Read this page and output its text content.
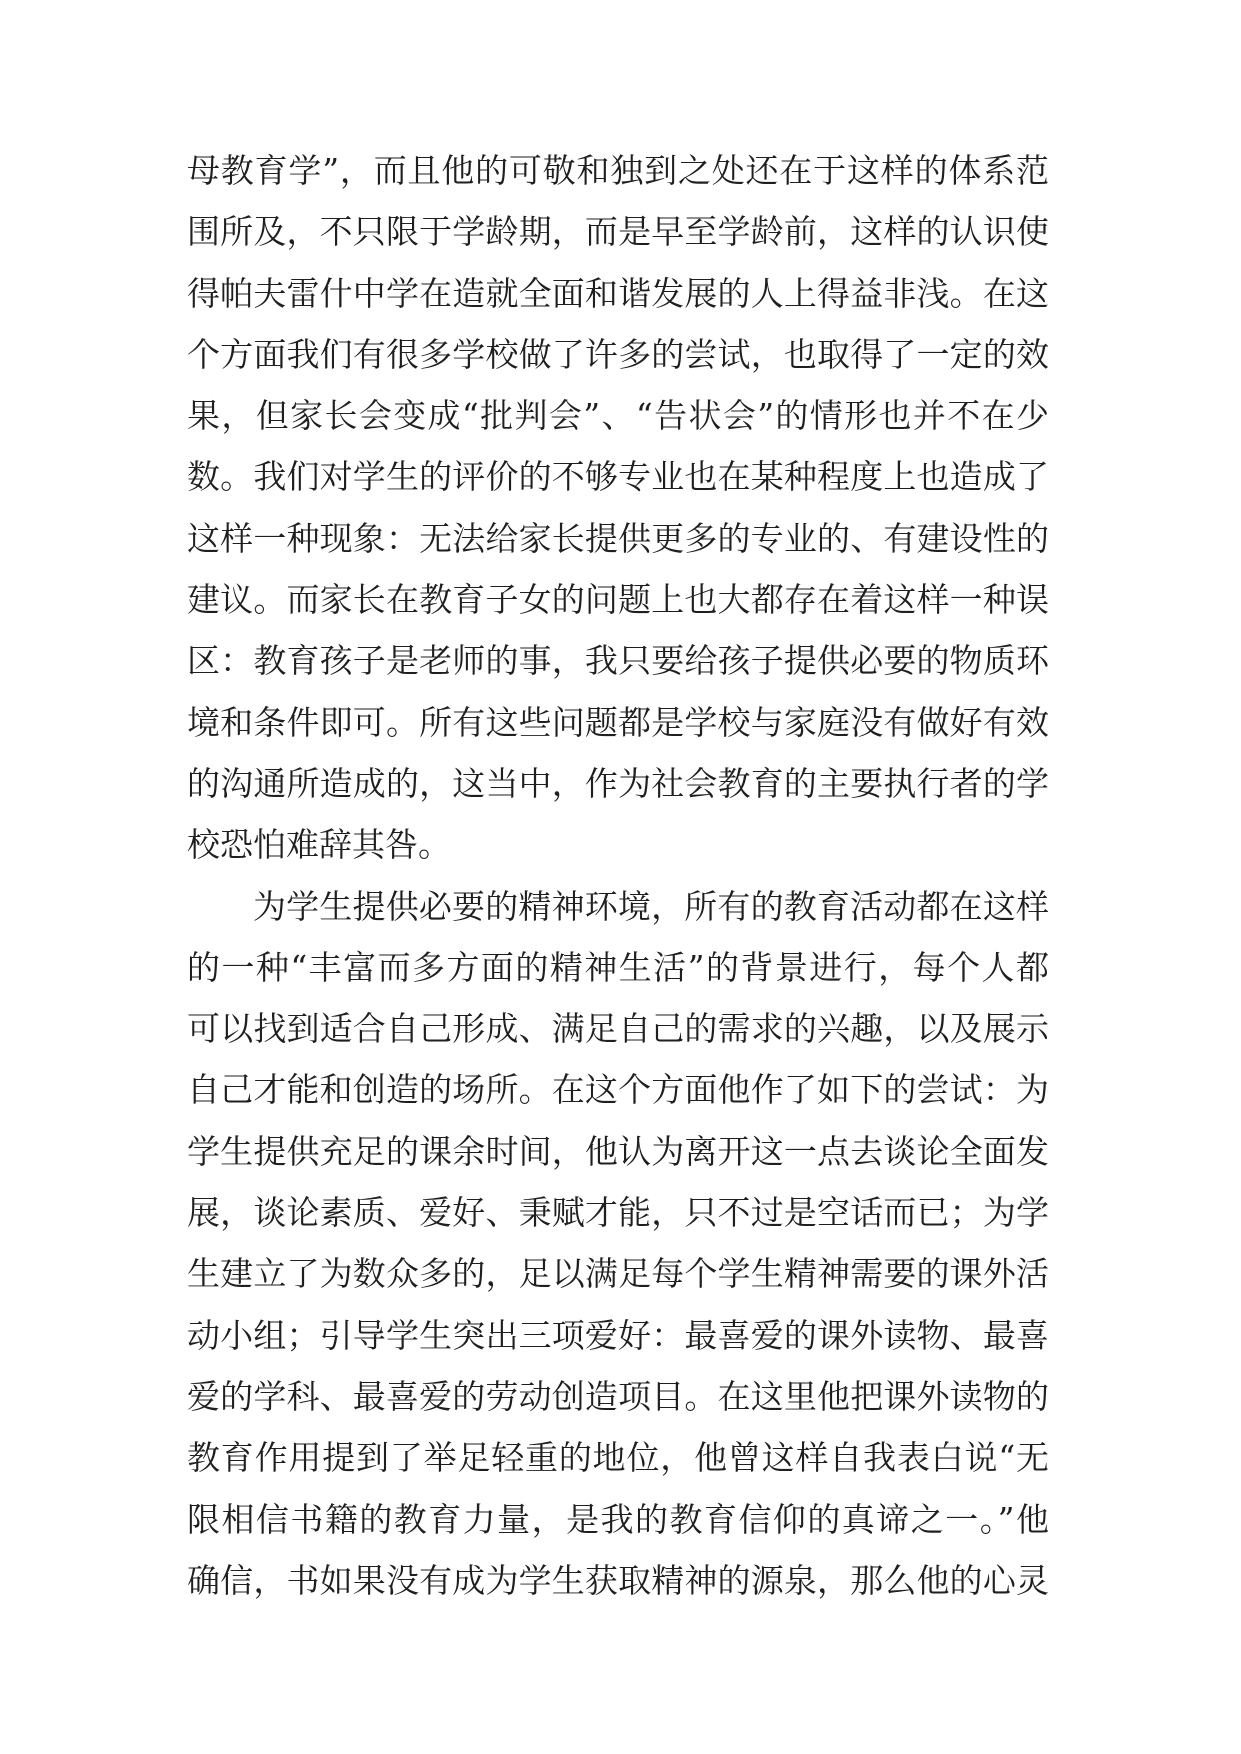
母教育学”，而且他的可敬和独到之处还在于这样的体系范
围所及，不只限于学龄期，而是早至学龄前，这样的认识使
得帕夫雷什中学在造就全面和谐发展的人上得益非浅。在这
个方面我们有很多学校做了许多的尝试，也取得了一定的效
果，但家长会变成“批判会”、“告状会”的情形也并不在少
数。我们对学生的评价的不够专业也在某种程度上也造成了
这样一种现象：无法给家长提供更多的专业的、有建设性的
建议。而家长在教育子女的问题上也大都存在着这样一种误
区：教育孩子是老师的事，我只要给孩子提供必要的物质环
境和条件即可。所有这些问题都是学校与家庭没有做好有效
的沟通所造成的，这当中，作为社会教育的主要执行者的学
校恐怕难辞其咎。
为学生提供必要的精神环境，所有的教育活动都在这样
的一种“丰富而多方面的精神生活”的背景进行，每个人都
可以找到适合自己形成、满足自己的需求的兴趣，以及展示
自己才能和创造的场所。在这个方面他作了如下的尝试：为
学生提供充足的课余时间，他认为离开这一点去谈论全面发
展，谈论素质、爱好、秉赋才能，只不过是空话而已；为学
生建立了为数众多的，足以满足每个学生精神需要的课外活
动小组；引导学生突出三项爱好：最喜爱的课外读物、最喜
爱的学科、最喜爱的劳动创造项目。在这里他把课外读物的
教育作用提到了举足轻重的地位，他曾这样自我表白说“无
限相信书籍的教育力量，是我的教育信仰的真谛之一。”他
确信，书如果没有成为学生获取精神的源泉，那么他的心灵
